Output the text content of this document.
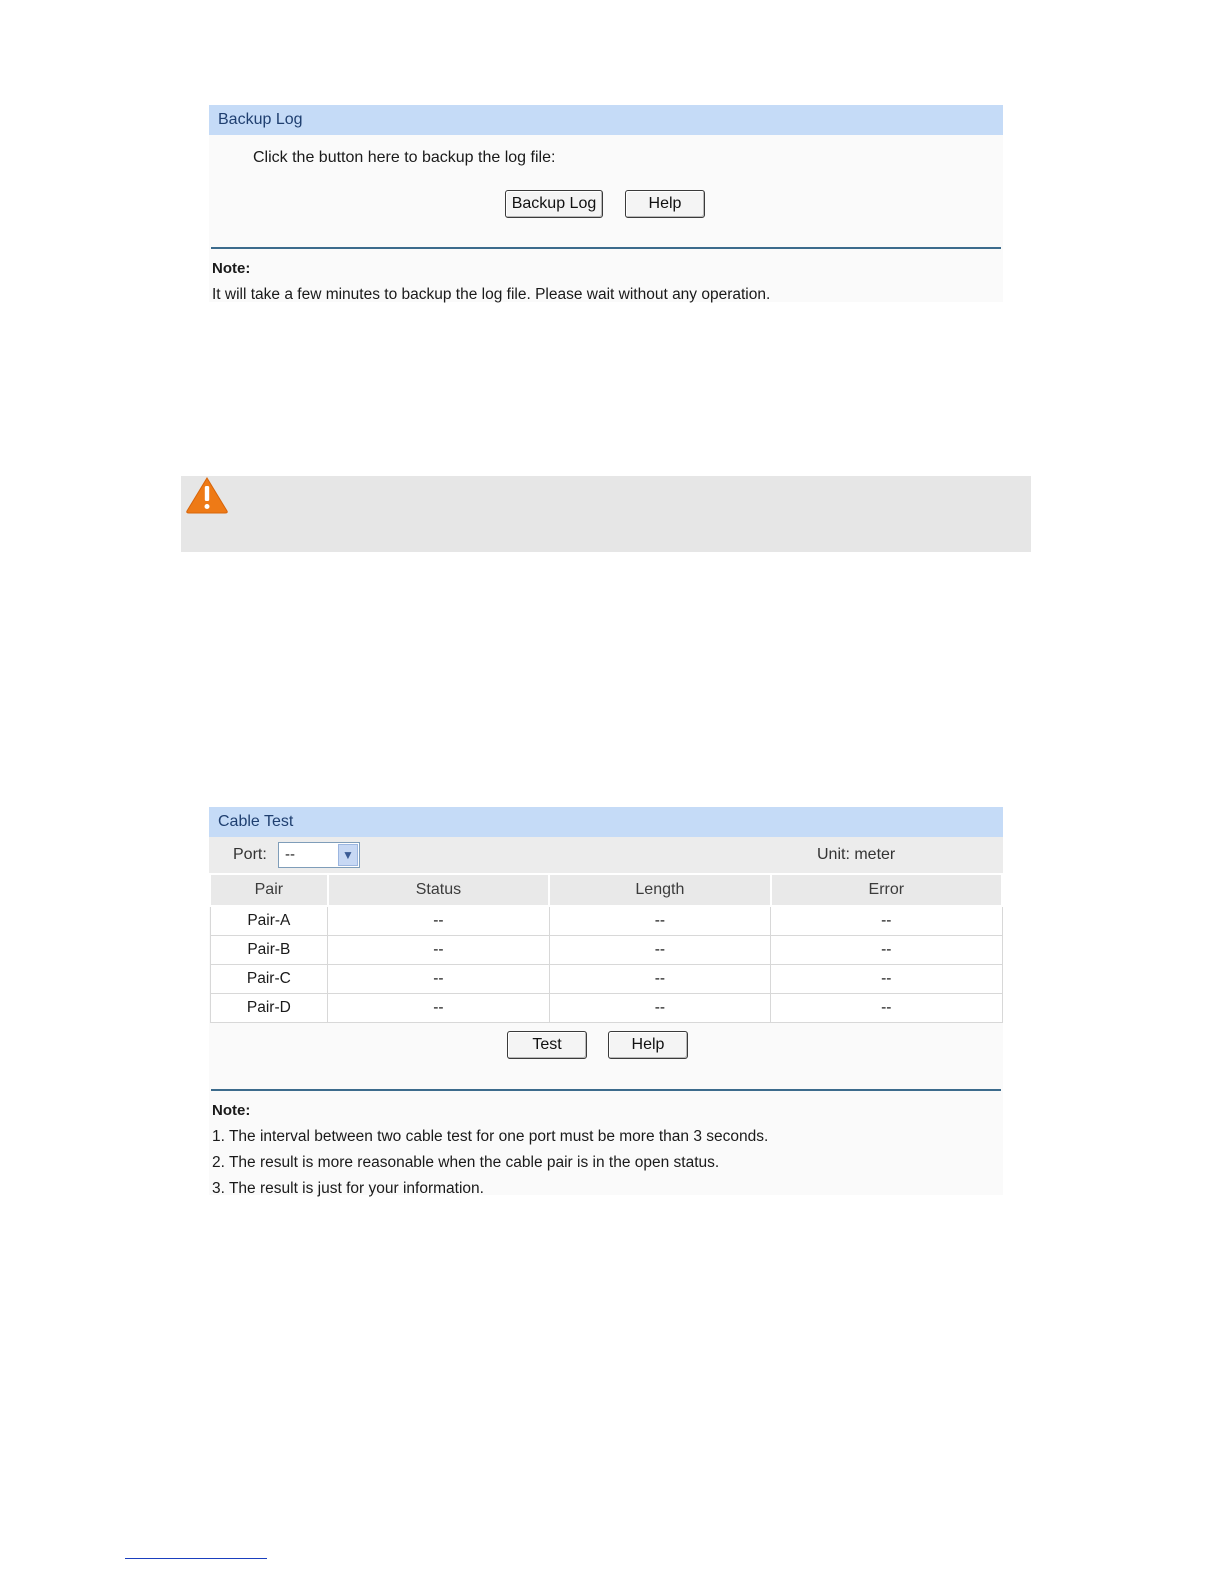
Backup Log
Click the button here to backup the log file:
Backup Log	Help
Note:
It will take a few minutes to backup the log file. Please wait without any operation.
Cable Test
Port: --	▼	Unit: meter
Pair	Status	Length	Error
Pair-A	--	--	--
Pair-B	--	--	--
Pair-C	--	--	--
Pair-D	--	--	--
Test	Help
Note:
1. The interval between two cable test for one port must be more than 3 seconds.
2. The result is more reasonable when the cable pair is in the open status.
3. The result is just for your information.
